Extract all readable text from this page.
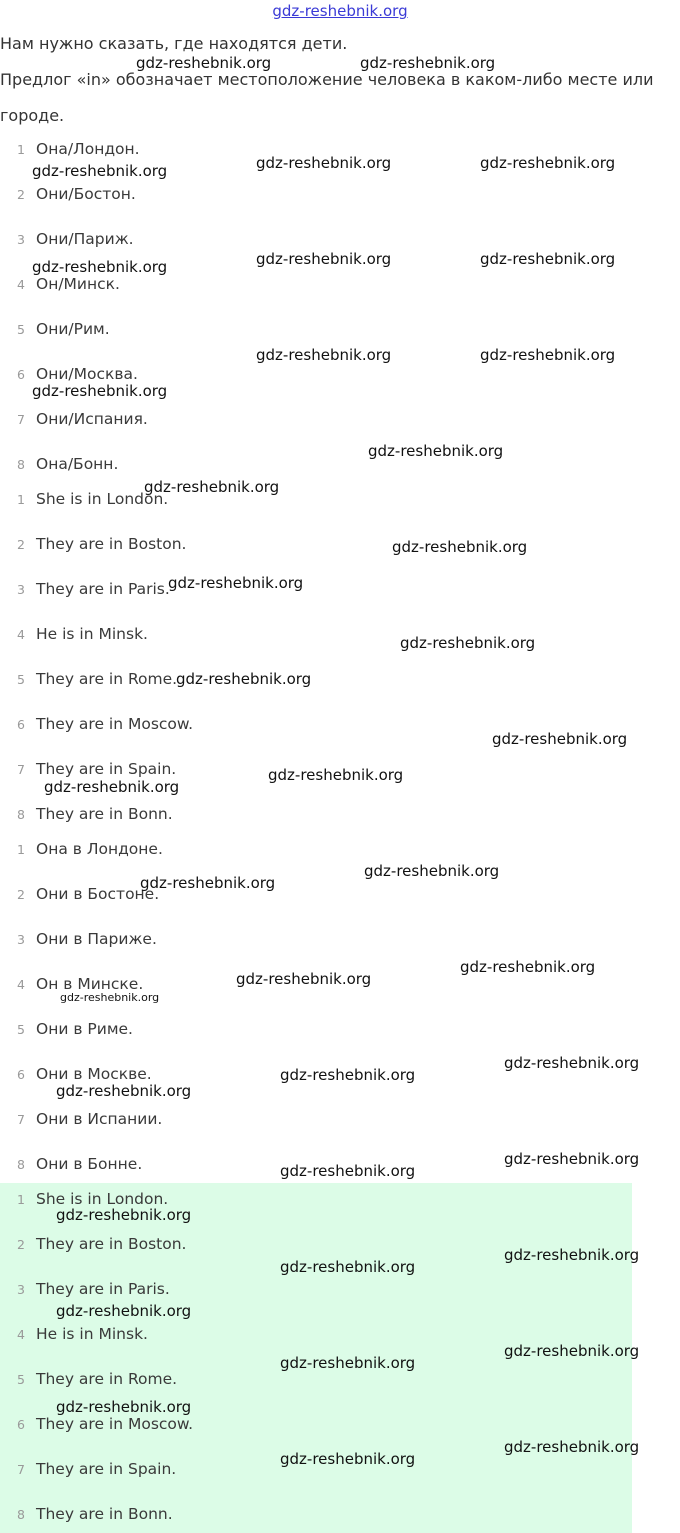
gdz-reshebnik.org
Нам нужно сказать, где находятся дети.
Предлог «in» обозначает местоположение человека в каком-либо месте или
городе.
1 Она/Лондон.
2 Они/Бостон.
3 Они/Париж.
4 Он/Минск.
5 Они/Рим.
6 Они/Москва.
7 Они/Испания.
8 Она/Бонн.
1 She is in London.
2 They are in Boston.
3 They are in Paris.
4 He is in Minsk.
5 They are in Rome.
6 They are in Moscow.
7 They are in Spain.
8 They are in Bonn.
1 Она в Лондоне.
2 Они в Бостоне.
3 Они в Париже.
4 Он в Минске.
5 Они в Риме.
6 Они в Москве.
7 Они в Испании.
8 Они в Бонне.
1 She is in London.
2 They are in Boston.
3 They are in Paris.
4 He is in Minsk.
5 They are in Rome.
6 They are in Moscow.
7 They are in Spain.
8 They are in Bonn.
gdz-reshebnik.org	gdz-reshebnik.org
gdz-reshebnik.org	gdz-reshebnik.org	gdz-reshebnik.org
gdz-reshebnik.org	gdz-reshebnik.org	gdz-reshebnik.org
gdz-reshebnik.org
gdz-reshebnik.org	gdz-reshebnik.org
gdz-reshebnik.org
gdz-reshebnik.org
gdz-reshebnik.org
gdz-reshebnik.org
gdz-reshebnik.org
gdz-reshebnik.org
gdz-reshebnik.org
gdz-reshebnik.org
gdz-reshebnik.org
gdz-reshebnik.org
gdz-reshebnik.org
gdz-reshebnik.org
gdz-reshebnik.org
gdz-reshebnik.org
gdz-reshebnik.org
gdz-reshebnik.org
gdz-reshebnik.org
gdz-reshebnik.org
gdz-reshebnik.org
gdz-reshebnik.org
gdz-reshebnik.org
gdz-reshebnik.org
gdz-reshebnik.org
gdz-reshebnik.org
gdz-reshebnik.org
gdz-reshebnik.org
gdz-reshebnik.org
gdz-reshebnik.org
